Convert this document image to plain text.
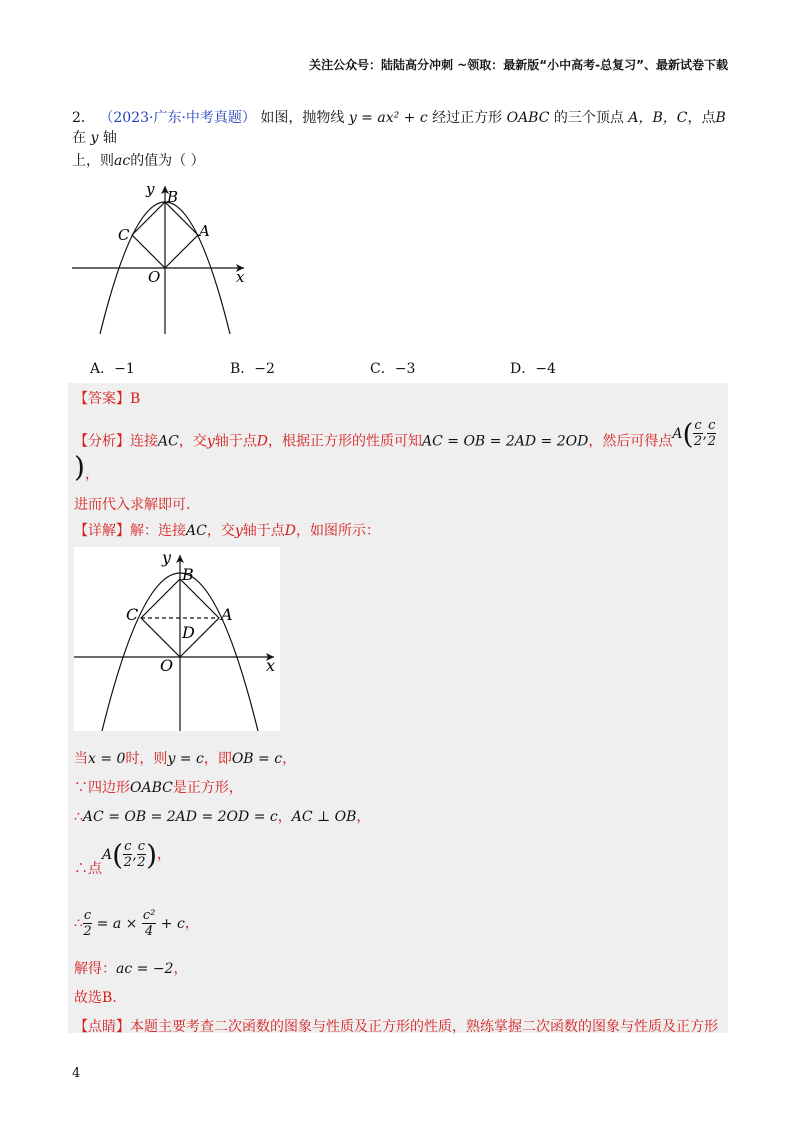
关注公众号：陆陆高分冲刺 ~领取：最新版“小中高考-总复习”、最新试卷下载
2． （2023·广东·中考真题） 如图，抛物线 y = ax² + c 经过正方形 OABC 的三个顶点 A，B，C，点B 在 y 轴
上，则ac的值为（ ）
y
x
B
C	A
O
A．−1	B．−2	C．−3	D．−4
【答案】B
【分析】连接AC，交y轴于点D，根据正方形的性质可知AC = OB = 2AD = 2OD，然后可得点$A( \frac{c}{2}$ , $\frac{c}{2}$
)，
进而代入求解即可.
【详解】解：连接AC，交y轴于点D，如图所示：
y
x
B
C	A
D
O
当x = 0时，则y = c，即OB = c，
∵四边形OABC是正方形，
∴AC = OB = 2AD = 2OD = c，AC ⊥ OB，
∴点$A( \frac{c}{2}$ , $\frac{c}{2}$ )，
∴ $\frac{c}{2} = a \times \frac{\text{c²}}{4} + c$，
解得：ac = −2，
故选B.
【点睛】本题主要考查二次函数的图象与性质及正方形的性质，熟练掌握二次函数的图象与性质及正方形
4
